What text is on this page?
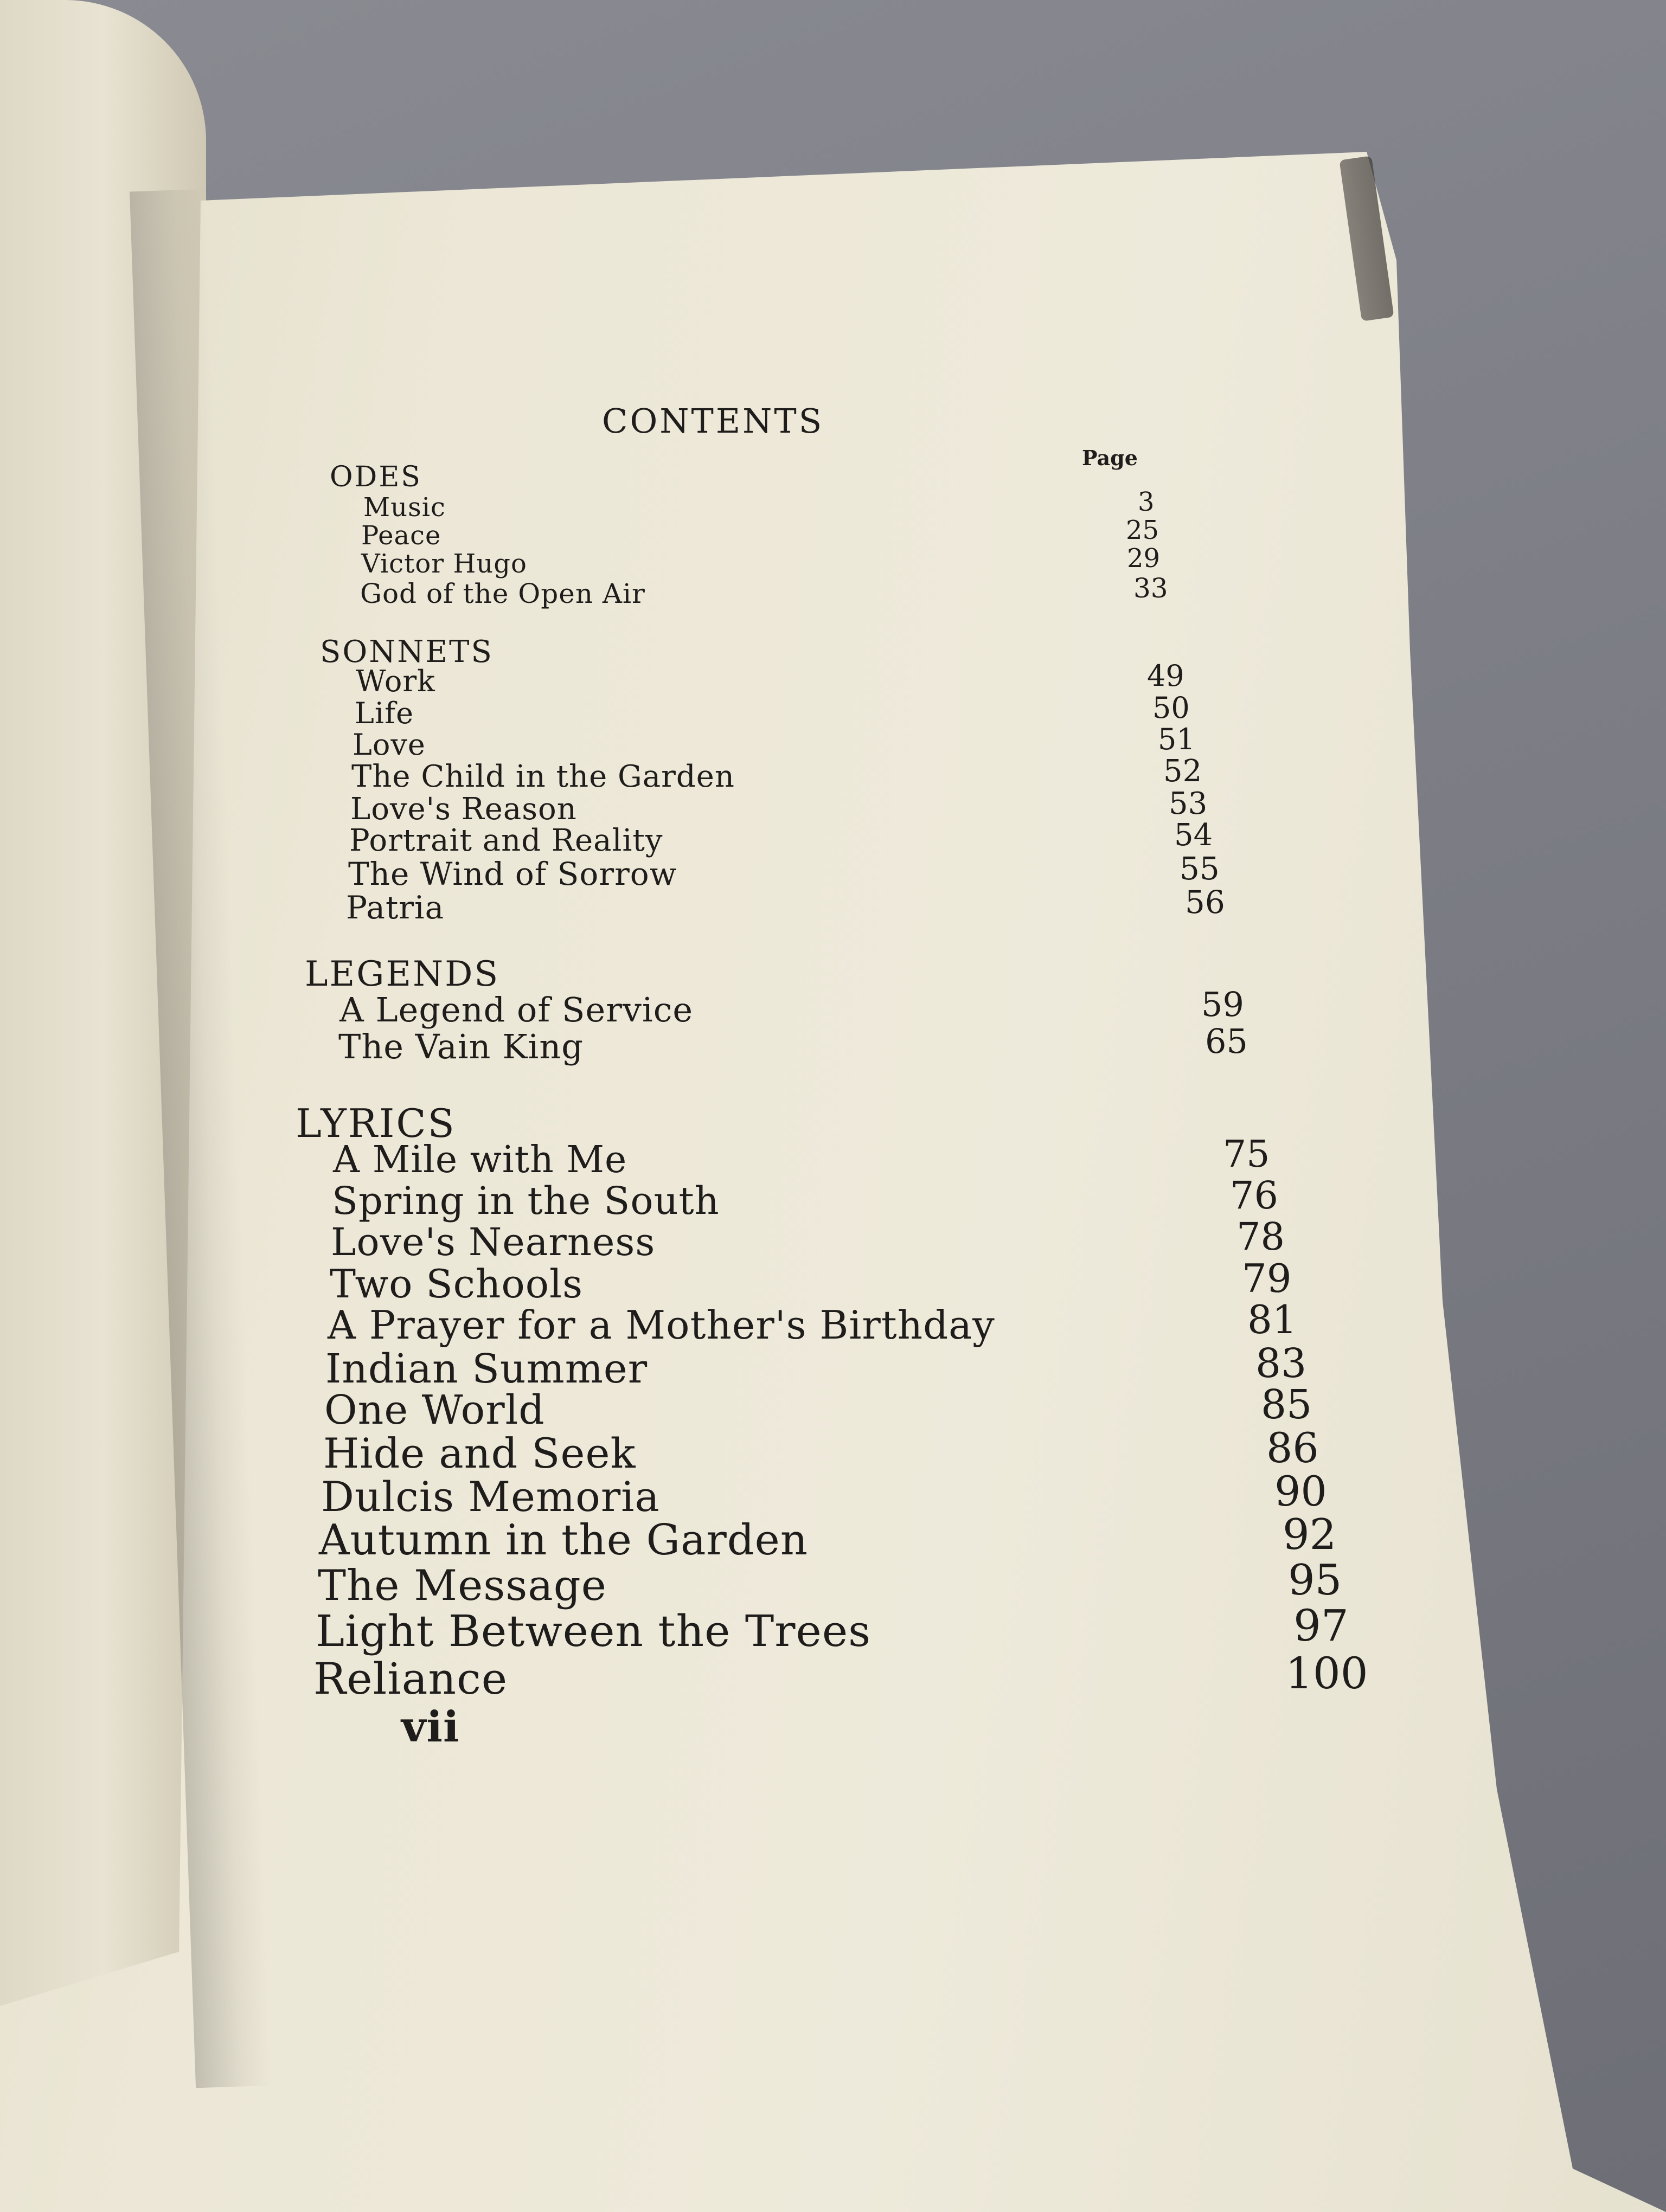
CONTENTS
Page
ODES
Music	3
Peace	25
Victor Hugo	29
God of the Open Air	33
SONNETS
Work	49
Life	50
Love	51
The Child in the Garden	52
Love's Reason	53
Portrait and Reality	54
The Wind of Sorrow	55
Patria	56
LEGENDS
A Legend of Service	59
The Vain King	65
LYRICS
A Mile with Me	75
Spring in the South	76
Love's Nearness	78
Two Schools	79
A Prayer for a Mother's Birthday	81
Indian Summer	83
One World	85
Hide and Seek	86
Dulcis Memoria	90
Autumn in the Garden	92
The Message	95
Light Between the Trees	97
Reliance	100
vii
